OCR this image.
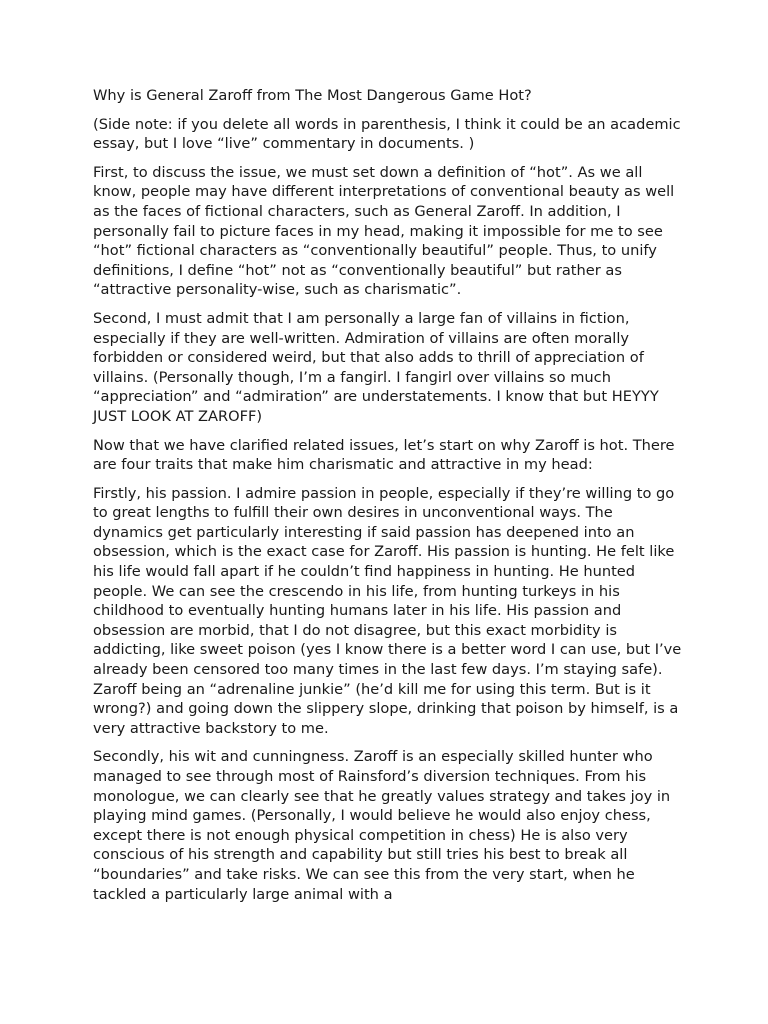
Why is General Zaroff from The Most Dangerous Game Hot?

(Side note: if you delete all words in parenthesis, I think it could be an academic essay, but I love “live” commentary in documents. )

First, to discuss the issue, we must set down a definition of “hot”. As we all know, people may have different interpretations of conventional beauty as well as the faces of fictional characters, such as General Zaroff. In addition, I personally fail to picture faces in my head, making it impossible for me to see “hot” fictional characters as “conventionally beautiful” people. Thus, to unify definitions, I define “hot” not as “conventionally beautiful” but rather as “attractive personality-wise, such as charismatic”.

Second, I must admit that I am personally a large fan of villains in fiction, especially if they are well-written. Admiration of villains are often morally forbidden or considered weird, but that also adds to thrill of appreciation of villains. (Personally though, I’m a fangirl. I fangirl over villains so much “appreciation” and “admiration” are understatements. I know that but HEYYY JUST LOOK AT ZAROFF)

Now that we have clarified related issues, let’s start on why Zaroff is hot. There are four traits that make him charismatic and attractive in my head:

Firstly, his passion. I admire passion in people, especially if they’re willing to go to great lengths to fulfill their own desires in unconventional ways. The dynamics get particularly interesting if said passion has deepened into an obsession, which is the exact case for Zaroff. His passion is hunting. He felt like his life would fall apart if he couldn’t find happiness in hunting. He hunted people. We can see the crescendo in his life, from hunting turkeys in his childhood to eventually hunting humans later in his life. His passion and obsession are morbid, that I do not disagree, but this exact morbidity is addicting, like sweet poison (yes I know there is a better word I can use, but I’ve already been censored too many times in the last few days. I’m staying safe). Zaroff being an “adrenaline junkie” (he’d kill me for using this term. But is it wrong?) and going down the slippery slope, drinking that poison by himself, is a very attractive backstory to me.

Secondly, his wit and cunningness. Zaroff is an especially skilled hunter who managed to see through most of Rainsford’s diversion techniques. From his monologue, we can clearly see that he greatly values strategy and takes joy in playing mind games. (Personally, I would believe he would also enjoy chess, except there is not enough physical competition in chess) He is also very conscious of his strength and capability but still tries his best to break all “boundaries” and take risks. We can see this from the very start, when he tackled a particularly large animal with a
